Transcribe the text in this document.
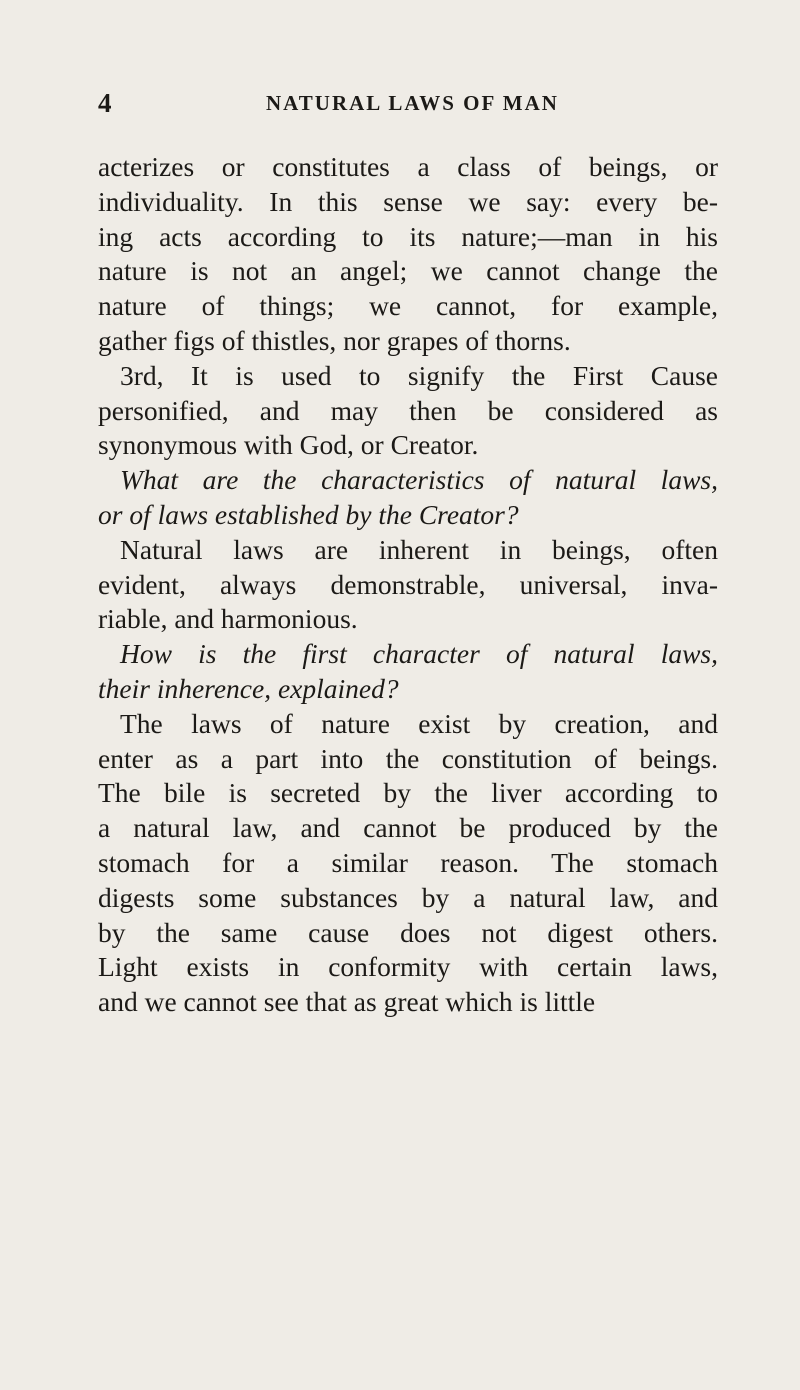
4	NATURAL LAWS OF MAN
acterizes or constitutes a class of beings, or
individuality. In this sense we say: every be-
ing acts according to its nature;—man in his
nature is not an angel; we cannot change the
nature of things; we cannot, for example,
gather figs of thistles, nor grapes of thorns.
3rd, It is used to signify the First Cause
personified, and may then be considered as
synonymous with God, or Creator.
What are the characteristics of natural laws,
or of laws established by the Creator?
Natural laws are inherent in beings, often
evident, always demonstrable, universal, inva-
riable, and harmonious.
How is the first character of natural laws,
their inherence, explained?
The laws of nature exist by creation, and
enter as a part into the constitution of beings.
The bile is secreted by the liver according to
a natural law, and cannot be produced by the
stomach for a similar reason. The stomach
digests some substances by a natural law, and
by the same cause does not digest others.
Light exists in conformity with certain laws,
and we cannot see that as great which is little
